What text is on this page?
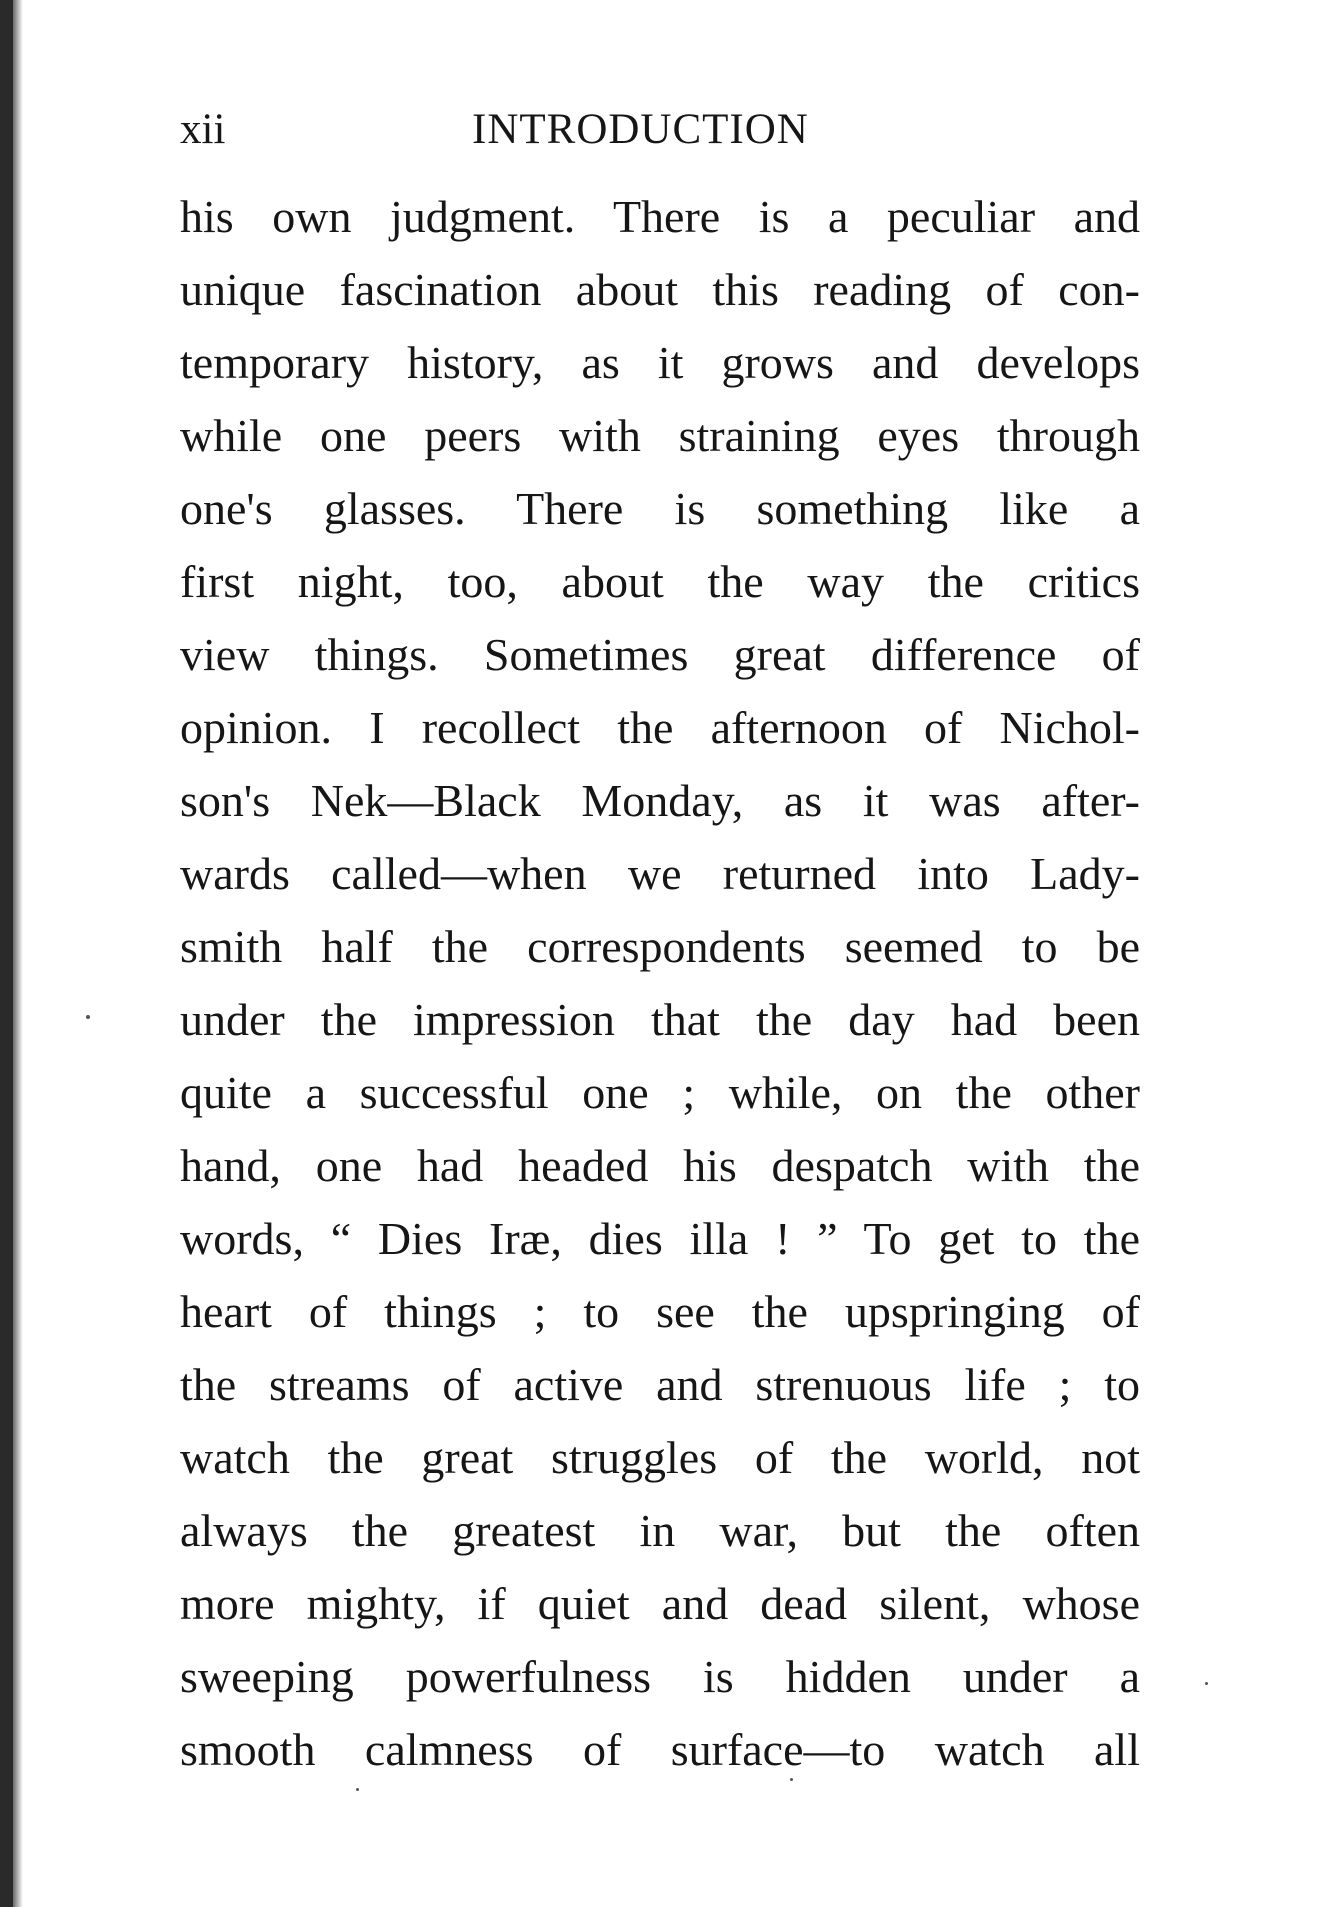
xii	INTRODUCTION
his own judgment. There is a peculiar and
unique fascination about this reading of con-
temporary history, as it grows and develops
while one peers with straining eyes through
one's glasses. There is something like a
first night, too, about the way the critics
view things. Sometimes great difference of
opinion. I recollect the afternoon of Nichol-
son's Nek—Black Monday, as it was after-
wards called—when we returned into Lady-
smith half the correspondents seemed to be
under the impression that the day had been
quite a successful one ; while, on the other
hand, one had headed his despatch with the
words, “ Dies Iræ, dies illa ! ” To get to the
heart of things ; to see the upspringing of
the streams of active and strenuous life ; to
watch the great struggles of the world, not
always the greatest in war, but the often
more mighty, if quiet and dead silent, whose
sweeping powerfulness is hidden under a
smooth calmness of surface—to watch all
